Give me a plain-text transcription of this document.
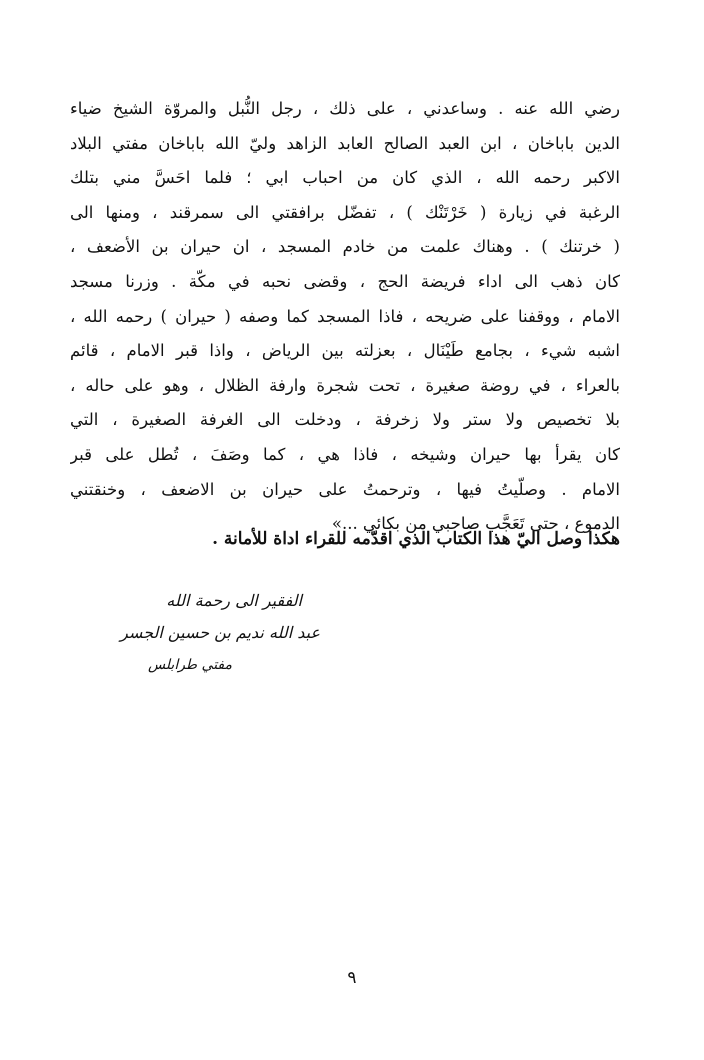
رضي الله عنه . وساعدني ، على ذلك ، رجل النُّبل والمروّة الشيخ ضياء
الدين باباخان ، ابن العبد الصالح العابد الزاهد وليّ الله باباخان مفتي البلاد
الاكبر رحمه الله ، الذي كان من احباب ابي ؛ فلما احَسَّ مني بتلك
الرغبة في زيارة ( خَرْتَنْك ) ، تفضّل برافقتي الى سمرقند ، ومنها الى
( خرتنك ) . وهناك علمت من خادم المسجد ، ان حيران بن الأضعف ،
كان ذهب الى اداء فريضة الحج ، وقضى نحبه في مكّة . وزرنا مسجد
الامام ، ووقفنا على ضريحه ، فاذا المسجد كما وصفه ( حيران ) رحمه الله ،
اشبه شيء ، بجامع طَيْنَال ، بعزلته بين الرياض ، واذا قبر الامام ، قائم
بالعراء ، في روضة صغيرة ، تحت شجرة وارفة الظلال ، وهو على حاله ،
بلا تخصيص ولا ستر ولا زخرفة ، ودخلت الى الغرفة الصغيرة ، التي
كان يقرأ بها حيران وشيخه ، فاذا هي ، كما وصَفَ ، تُطل على قبر
الامام . وصلّيتُ فيها ، وترحمتُ على حيران بن الاضعف ، وخنقتني
الدموع ، حتى تَعَجَّب صاحبي من بكائي ...»
هكذا وصل اليّ هذا الكتاب الذي اقدّمه للقراء اداة للأمانة .
الفقير الى رحمة الله
عبد الله نديم بن حسين الجسر
مفتي طرابلس
٩
